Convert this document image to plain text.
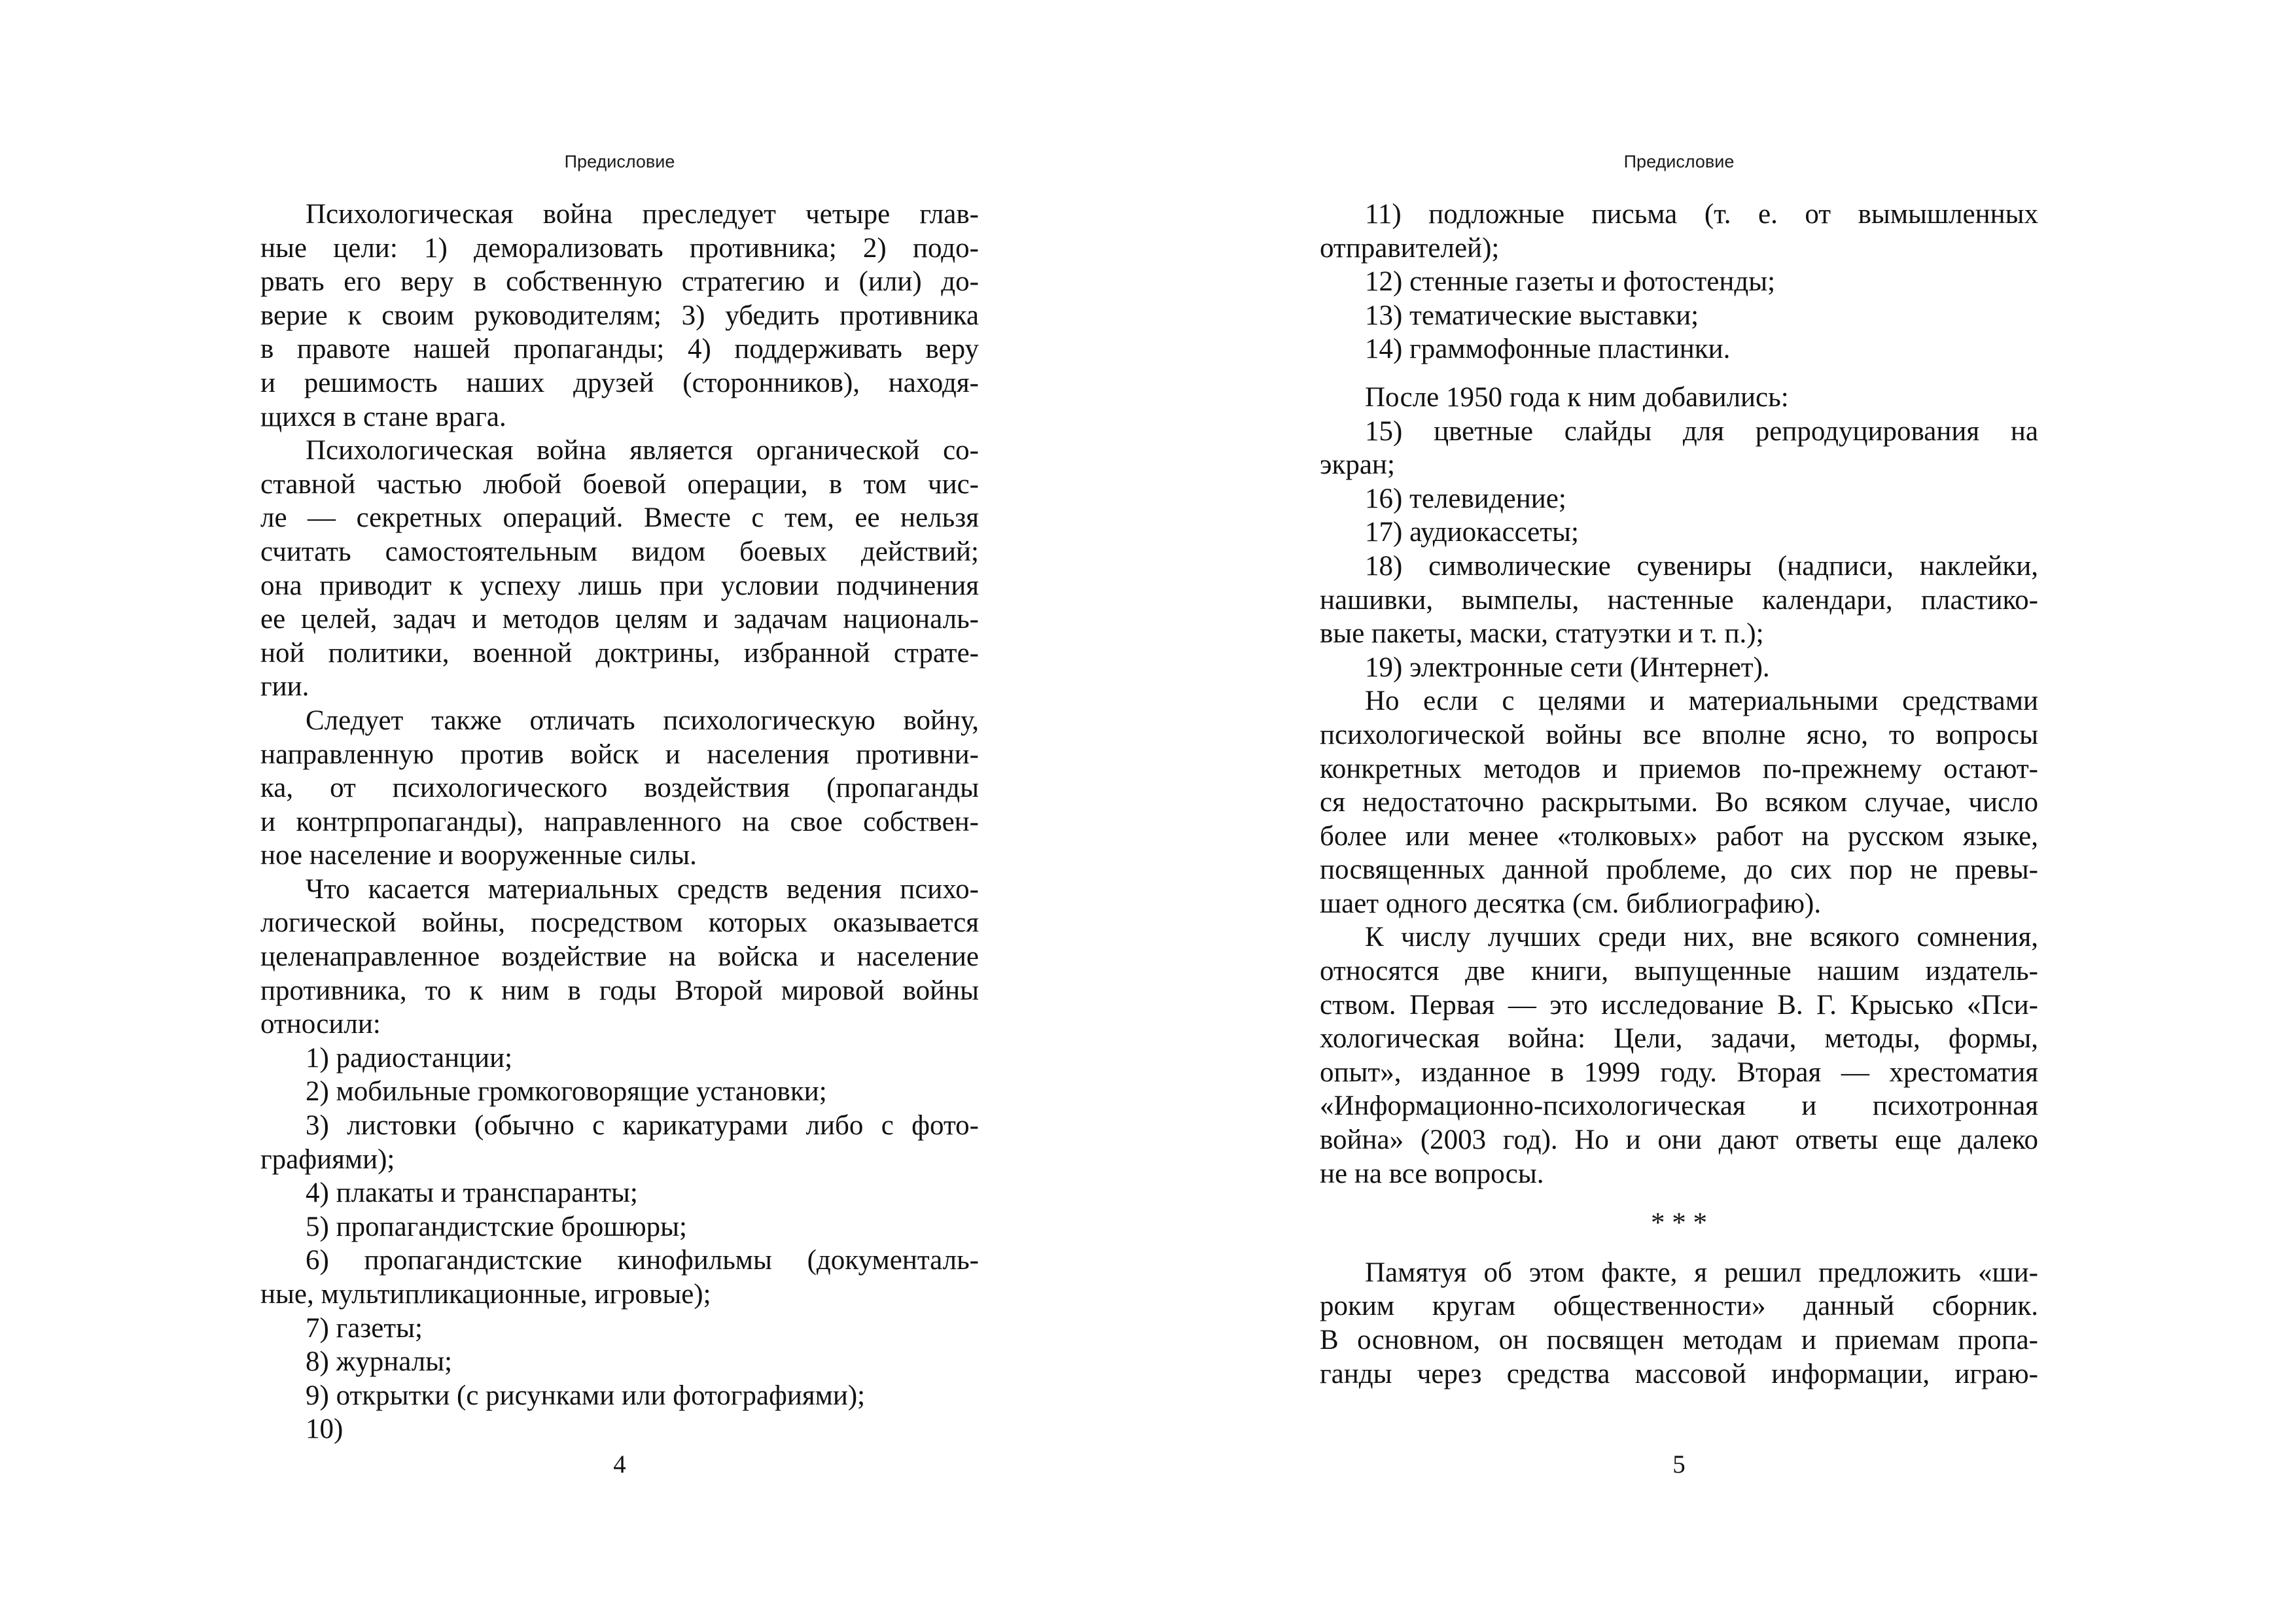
Предисловие
Психологическая война преследует четыре глав-
ные цели: 1) деморализовать противника; 2) подо-
рвать его веру в собственную стратегию и (или) до-
верие к своим руководителям; 3) убедить противника
в правоте нашей пропаганды; 4) поддерживать веру
и решимость наших друзей (сторонников), находя-
щихся в стане врага.
Психологическая война является органической со-
ставной частью любой боевой операции, в том чис-
ле — секретных операций. Вместе с тем, ее нельзя
считать самостоятельным видом боевых действий;
она приводит к успеху лишь при условии подчинения
ее целей, задач и методов целям и задачам националь-
ной политики, военной доктрины, избранной страте-
гии.
Следует также отличать психологическую войну,
направленную против войск и населения противни-
ка, от психологического воздействия (пропаганды
и контрпропаганды), направленного на свое собствен-
ное население и вооруженные силы.
Что касается материальных средств ведения психо-
логической войны, посредством которых оказывается
целенаправленное воздействие на войска и население
противника, то к ним в годы Второй мировой войны
относили:
1) радиостанции;
2) мобильные громкоговорящие установки;
3) листовки (обычно с карикатурами либо с фото-
графиями);
4) плакаты и транспаранты;
5) пропагандистские брошюры;
6) пропагандистские кинофильмы (документаль-
ные, мультипликационные, игровые);
7) газеты;
8) журналы;
9) открытки (с рисунками или фотографиями);
10)
4
Предисловие
11) подложные письма (т. е. от вымышленных
отправителей);
12) стенные газеты и фотостенды;
13) тематические выставки;
14) граммофонные пластинки.
После 1950 года к ним добавились:
15) цветные слайды для репродуцирования на
экран;
16) телевидение;
17) аудиокассеты;
18) символические сувениры (надписи, наклейки,
нашивки, вымпелы, настенные календари, пластико-
вые пакеты, маски, статуэтки и т. п.);
19) электронные сети (Интернет).
Но если с целями и материальными средствами
психологической войны все вполне ясно, то вопросы
конкретных методов и приемов по-прежнему остают-
ся недостаточно раскрытыми. Во всяком случае, число
более или менее «толковых» работ на русском языке,
посвященных данной проблеме, до сих пор не превы-
шает одного десятка (см. библиографию).
К числу лучших среди них, вне всякого сомнения,
относятся две книги, выпущенные нашим издатель-
ством. Первая — это исследование В. Г. Крысько «Пси-
хологическая война: Цели, задачи, методы, формы,
опыт», изданное в 1999 году. Вторая — хрестоматия
«Информационно-психологическая и психотронная
война» (2003 год). Но и они дают ответы еще далеко
не на все вопросы.
* * *
Памятуя об этом факте, я решил предложить «ши-
роким кругам общественности» данный сборник.
В основном, он посвящен методам и приемам пропа-
ганды через средства массовой информации, играю-
5
